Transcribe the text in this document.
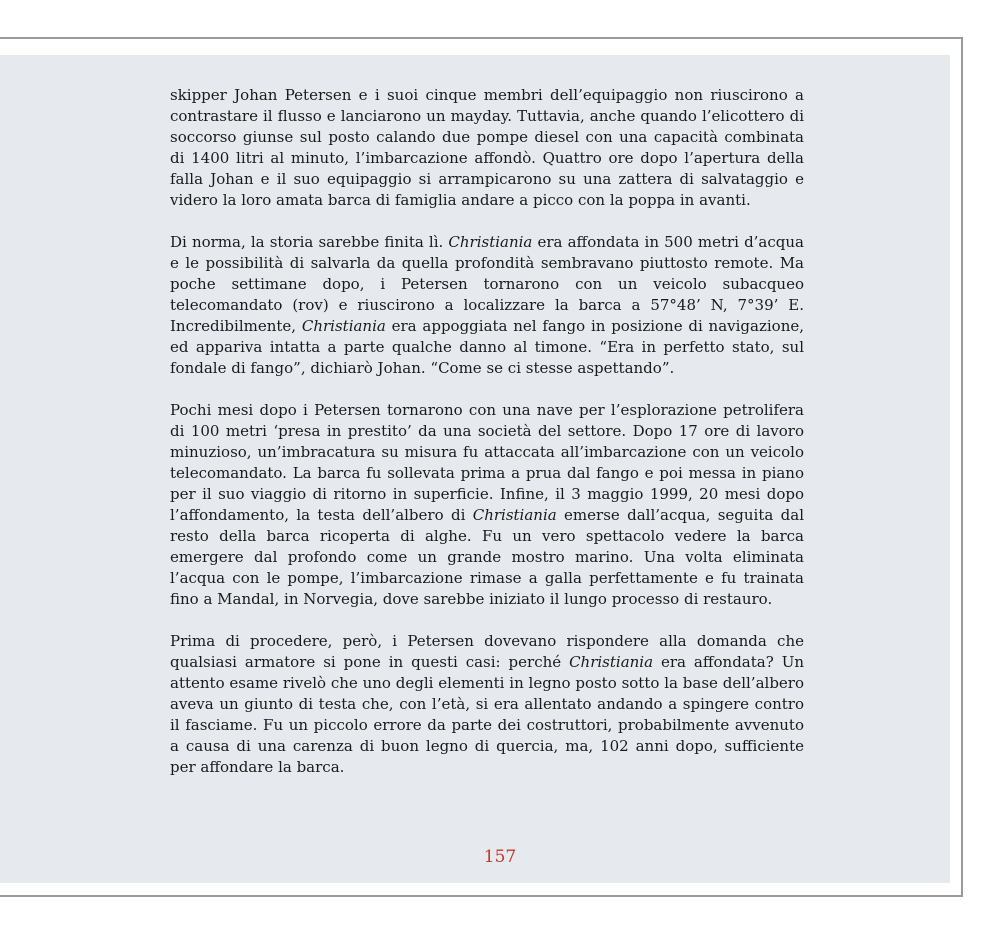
skipper Johan Petersen e i suoi cinque membri dell’equipaggio non riuscirono a contrastare il flusso e lanciarono un mayday. Tuttavia, anche quando l’elicottero di soccorso giunse sul posto calando due pompe diesel con una capacità combinata di 1400 litri al minuto, l’imbarcazione affondò. Quattro ore dopo l’apertura della falla Johan e il suo equipaggio si arrampicarono su una zattera di salvataggio e videro la loro amata barca di famiglia andare a picco con la poppa in avanti.

Di norma, la storia sarebbe finita lì. Christiania era affondata in 500 metri d’acqua e le possibilità di salvarla da quella profondità sembravano piuttosto remote. Ma poche settimane dopo, i Petersen tornarono con un veicolo subacqueo telecomandato (rov) e riuscirono a localizzare la barca a 57°48’ N, 7°39’ E. Incredibilmente, Christiania era appoggiata nel fango in posizione di navigazione, ed appariva intatta a parte qualche danno al timone. “Era in perfetto stato, sul fondale di fango”, dichiarò Johan. “Come se ci stesse aspettando”.

Pochi mesi dopo i Petersen tornarono con una nave per l’esplorazione petrolifera di 100 metri ‘presa in prestito’ da una società del settore. Dopo 17 ore di lavoro minuzioso, un’imbracatura su misura fu attaccata all’imbarcazione con un veicolo telecomandato. La barca fu sollevata prima a prua dal fango e poi messa in piano per il suo viaggio di ritorno in superficie. Infine, il 3 maggio 1999, 20 mesi dopo l’affondamento, la testa dell’albero di Christiania emerse dall’acqua, seguita dal resto della barca ricoperta di alghe. Fu un vero spettacolo vedere la barca emergere dal profondo come un grande mostro marino. Una volta eliminata l’acqua con le pompe, l’imbarcazione rimase a galla perfettamente e fu trainata fino a Mandal, in Norvegia, dove sarebbe iniziato il lungo processo di restauro.

Prima di procedere, però, i Petersen dovevano rispondere alla domanda che qualsiasi armatore si pone in questi casi: perché Christiania era affondata? Un attento esame rivelò che uno degli elementi in legno posto sotto la base dell’albero aveva un giunto di testa che, con l’età, si era allentato andando a spingere contro il fasciame. Fu un piccolo errore da parte dei costruttori, probabilmente avvenuto a causa di una carenza di buon legno di quercia, ma, 102 anni dopo, sufficiente per affondare la barca.

157
